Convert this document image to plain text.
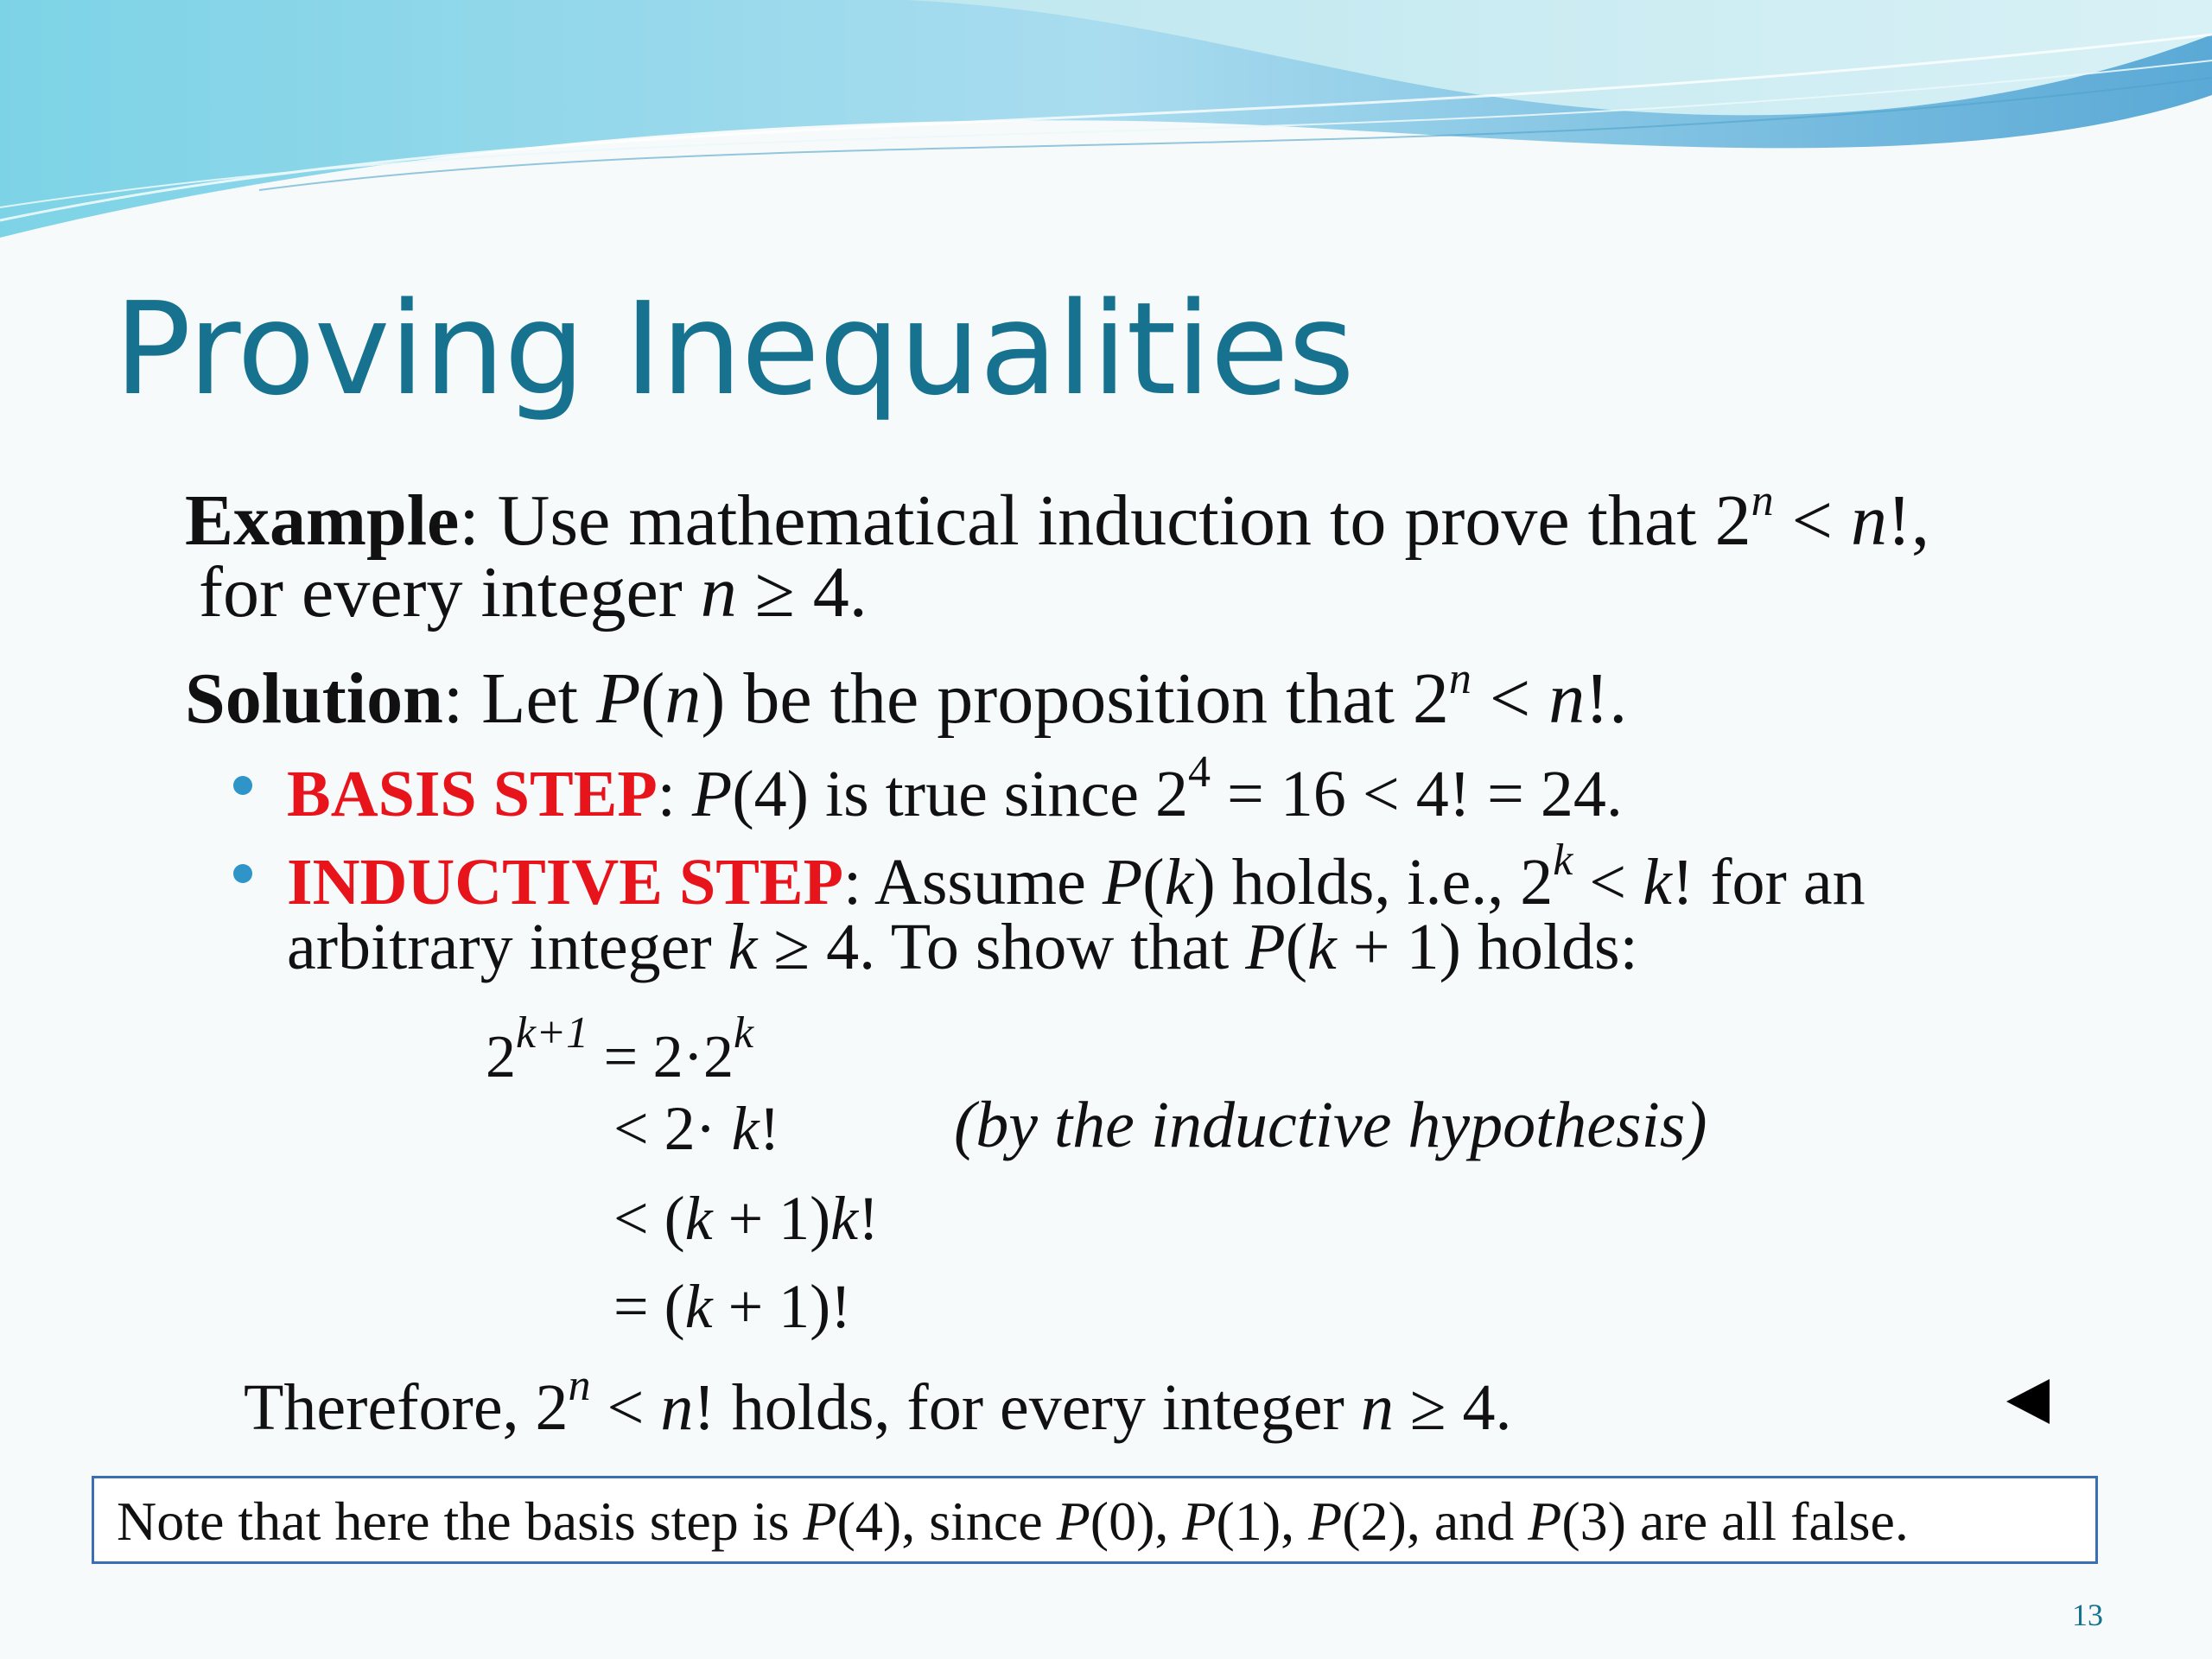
Proving Inequalities
Example: Use mathematical induction to prove that $2^n < n$!,
for every integer n ≥ 4.
Solution: Let P(n) be the proposition that $2^n < n$!.
BASIS STEP: P(4) is true since $2^4 = 16 < 4$! = 24.
INDUCTIVE STEP: Assume P(k) holds, i.e., $2^k < k$! for an
arbitrary integer k ≥ 4. To show that P(k + 1) holds:
$2^{k+1} = 2\cdot 2^k$
< 2· k!	(by the inductive hypothesis)
< (k + 1)k!
= (k + 1)!
Therefore, $2^n < n$! holds, for every integer n ≥ 4.
Note that here the basis step is P(4), since P(0), P(1), P(2), and P(3) are all false.
13
